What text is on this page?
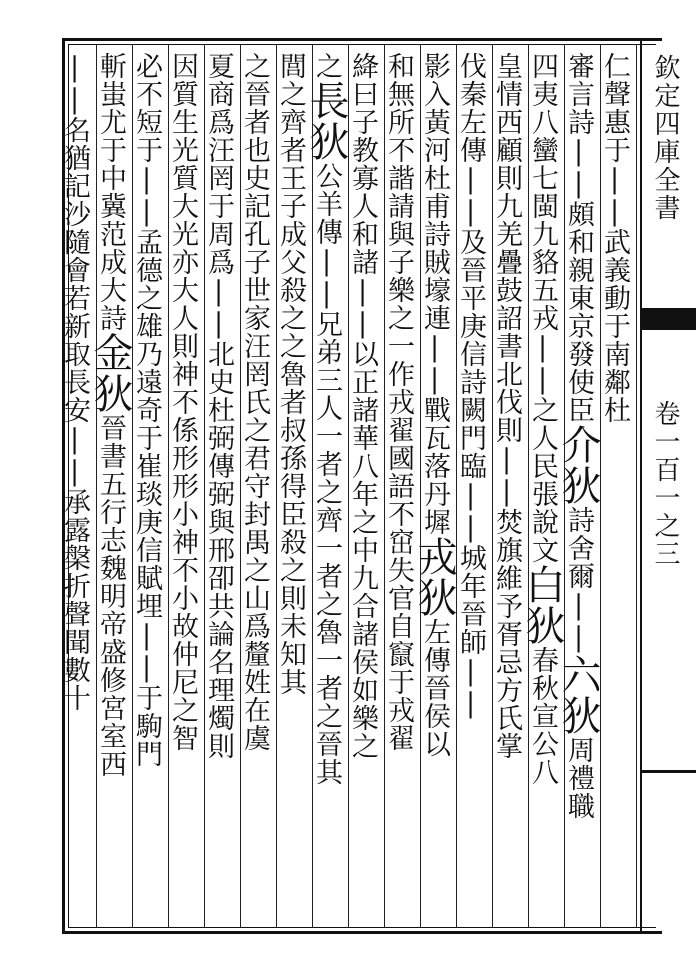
欽定四庫全書
卷一百一之三
仁聲惠于||武義動于南鄰杜
審言詩||頗和親東京發使臣介狄詩舍爾||六狄周禮職
四夷八蠻七閩九貉五戎||之人民張說文白狄春秋宣公八
皇情西顧則九羌疊鼓詔書北伐則||焚旗維予胥忌方氏掌
伐秦左傳||及晉平庚信詩闕門臨||城年晉師||
影入黃河杜甫詩賊壕連||戰瓦落丹墀戎狄左傳晉侯以
和無所不諧請與子樂之一作戎翟國語不窋失官自竄于戎翟
絳曰子教寡人和諸||以正諸華八年之中九合諸侯如樂之
之長狄公羊傳||兄弟三人一者之齊一者之魯一者之晉其
閭之齊者王子成父殺之之魯者叔孫得臣殺之則未知其
之晉者也史記孔子世家汪罔氏之君守封禺之山爲釐姓在虞
夏商爲汪罔于周爲||北史杜弼傳弼與邢卲共論名理燭則
因質生光質大光亦大人則神不係形形小神不小故仲尼之智
必不短于||孟德之雄乃遠奇于崔琰庚信賦埋||于駒門
斬蚩尤于中冀范成大詩金狄晉書五行志魏明帝盛修宮室西
||名猶記沙隨會若新取長安||承露槃折聲聞數十
